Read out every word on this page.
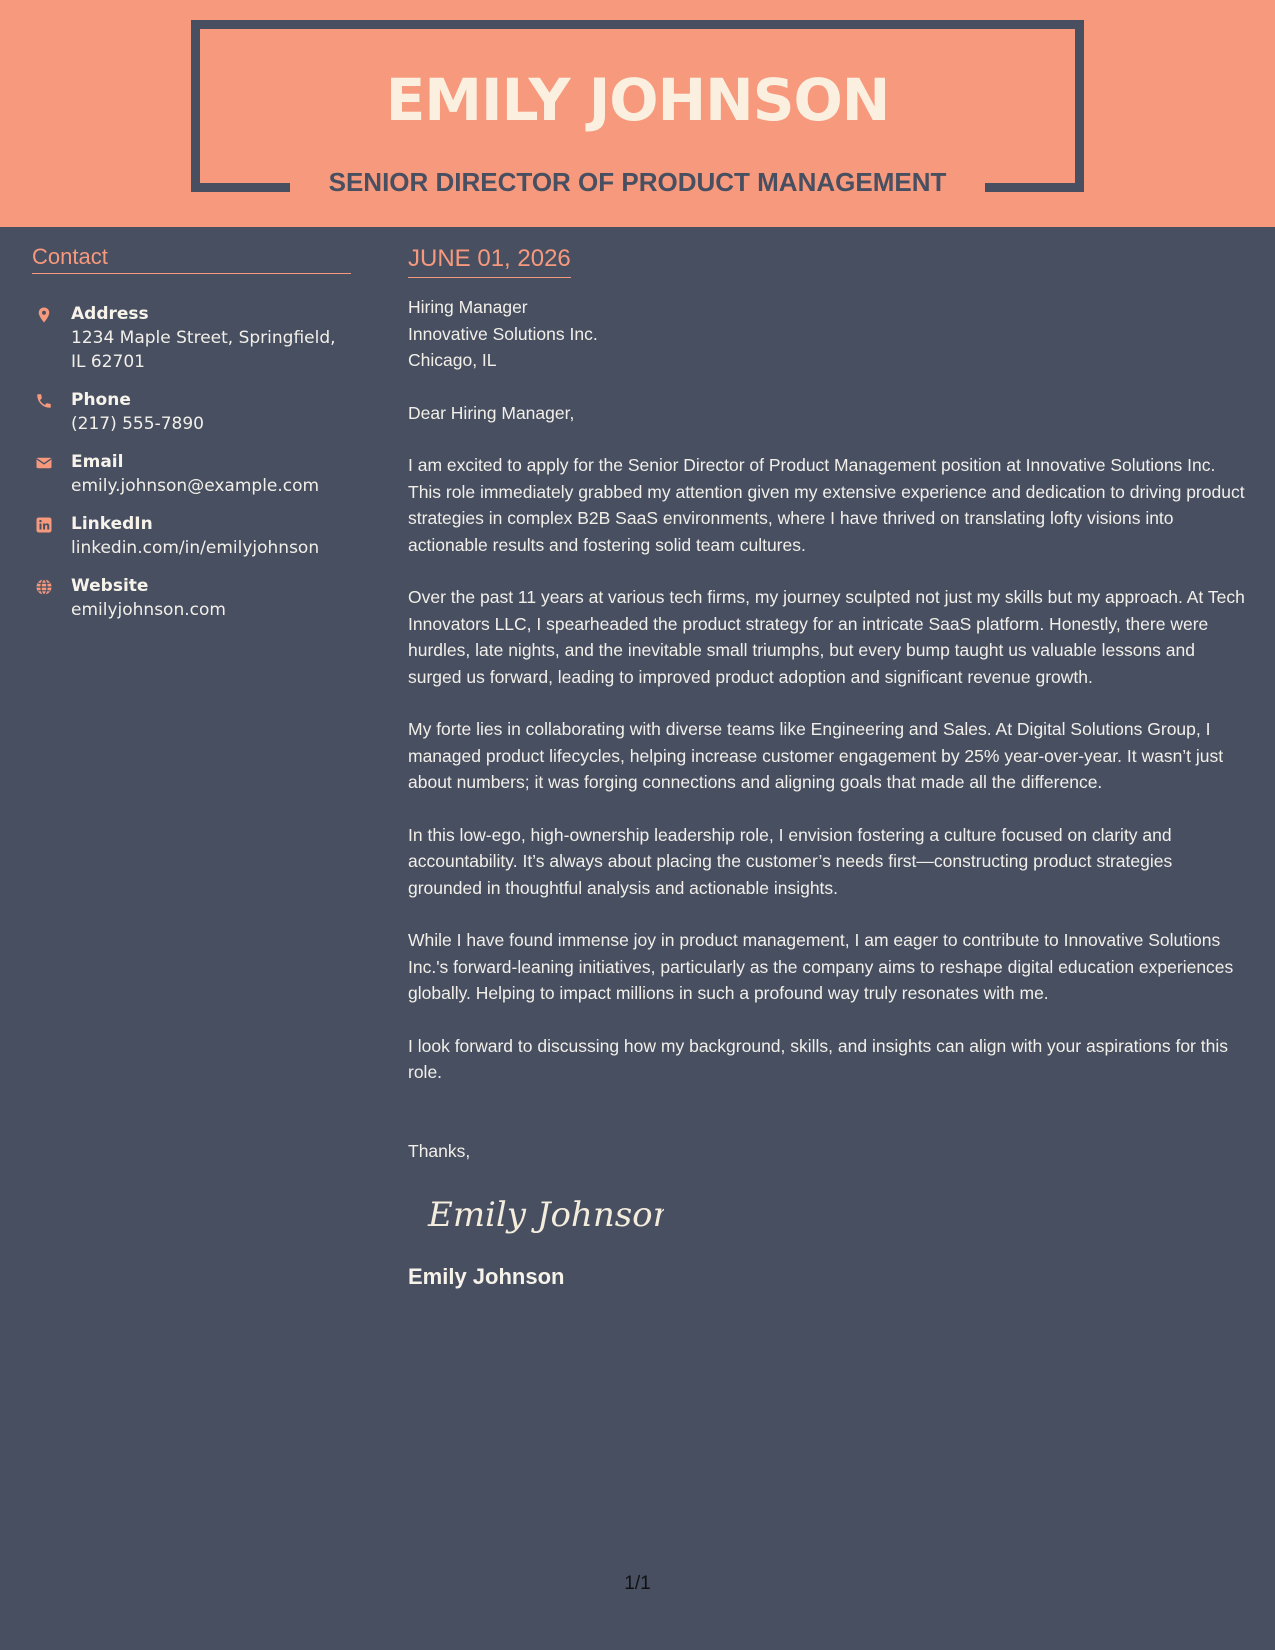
EMILY JOHNSON
SENIOR DIRECTOR OF PRODUCT MANAGEMENT
Contact
Address
1234 Maple Street, Springfield, IL 62701
Phone
(217) 555-7890
Email
emily.johnson@example.com
LinkedIn
linkedin.com/in/emilyjohnson
Website
emilyjohnson.com
JUNE 01, 2026
Hiring Manager
Innovative Solutions Inc.
Chicago, IL
Dear Hiring Manager,

I am excited to apply for the Senior Director of Product Management position at Innovative Solutions Inc. This role immediately grabbed my attention given my extensive experience and dedication to driving product strategies in complex B2B SaaS environments, where I have thrived on translating lofty visions into actionable results and fostering solid team cultures.

Over the past 11 years at various tech firms, my journey sculpted not just my skills but my approach. At Tech Innovators LLC, I spearheaded the product strategy for an intricate SaaS platform. Honestly, there were hurdles, late nights, and the inevitable small triumphs, but every bump taught us valuable lessons and surged us forward, leading to improved product adoption and significant revenue growth.

My forte lies in collaborating with diverse teams like Engineering and Sales. At Digital Solutions Group, I managed product lifecycles, helping increase customer engagement by 25% year-over-year. It wasn’t just about numbers; it was forging connections and aligning goals that made all the difference.

In this low-ego, high-ownership leadership role, I envision fostering a culture focused on clarity and accountability. It’s always about placing the customer’s needs first—constructing product strategies grounded in thoughtful analysis and actionable insights.

While I have found immense joy in product management, I am eager to contribute to Innovative Solutions Inc.'s forward-leaning initiatives, particularly as the company aims to reshape digital education experiences globally. Helping to impact millions in such a profound way truly resonates with me.

I look forward to discussing how my background, skills, and insights can align with your aspirations for this role.

Thanks,
Emily Johnson
Emily Johnson
1/1
